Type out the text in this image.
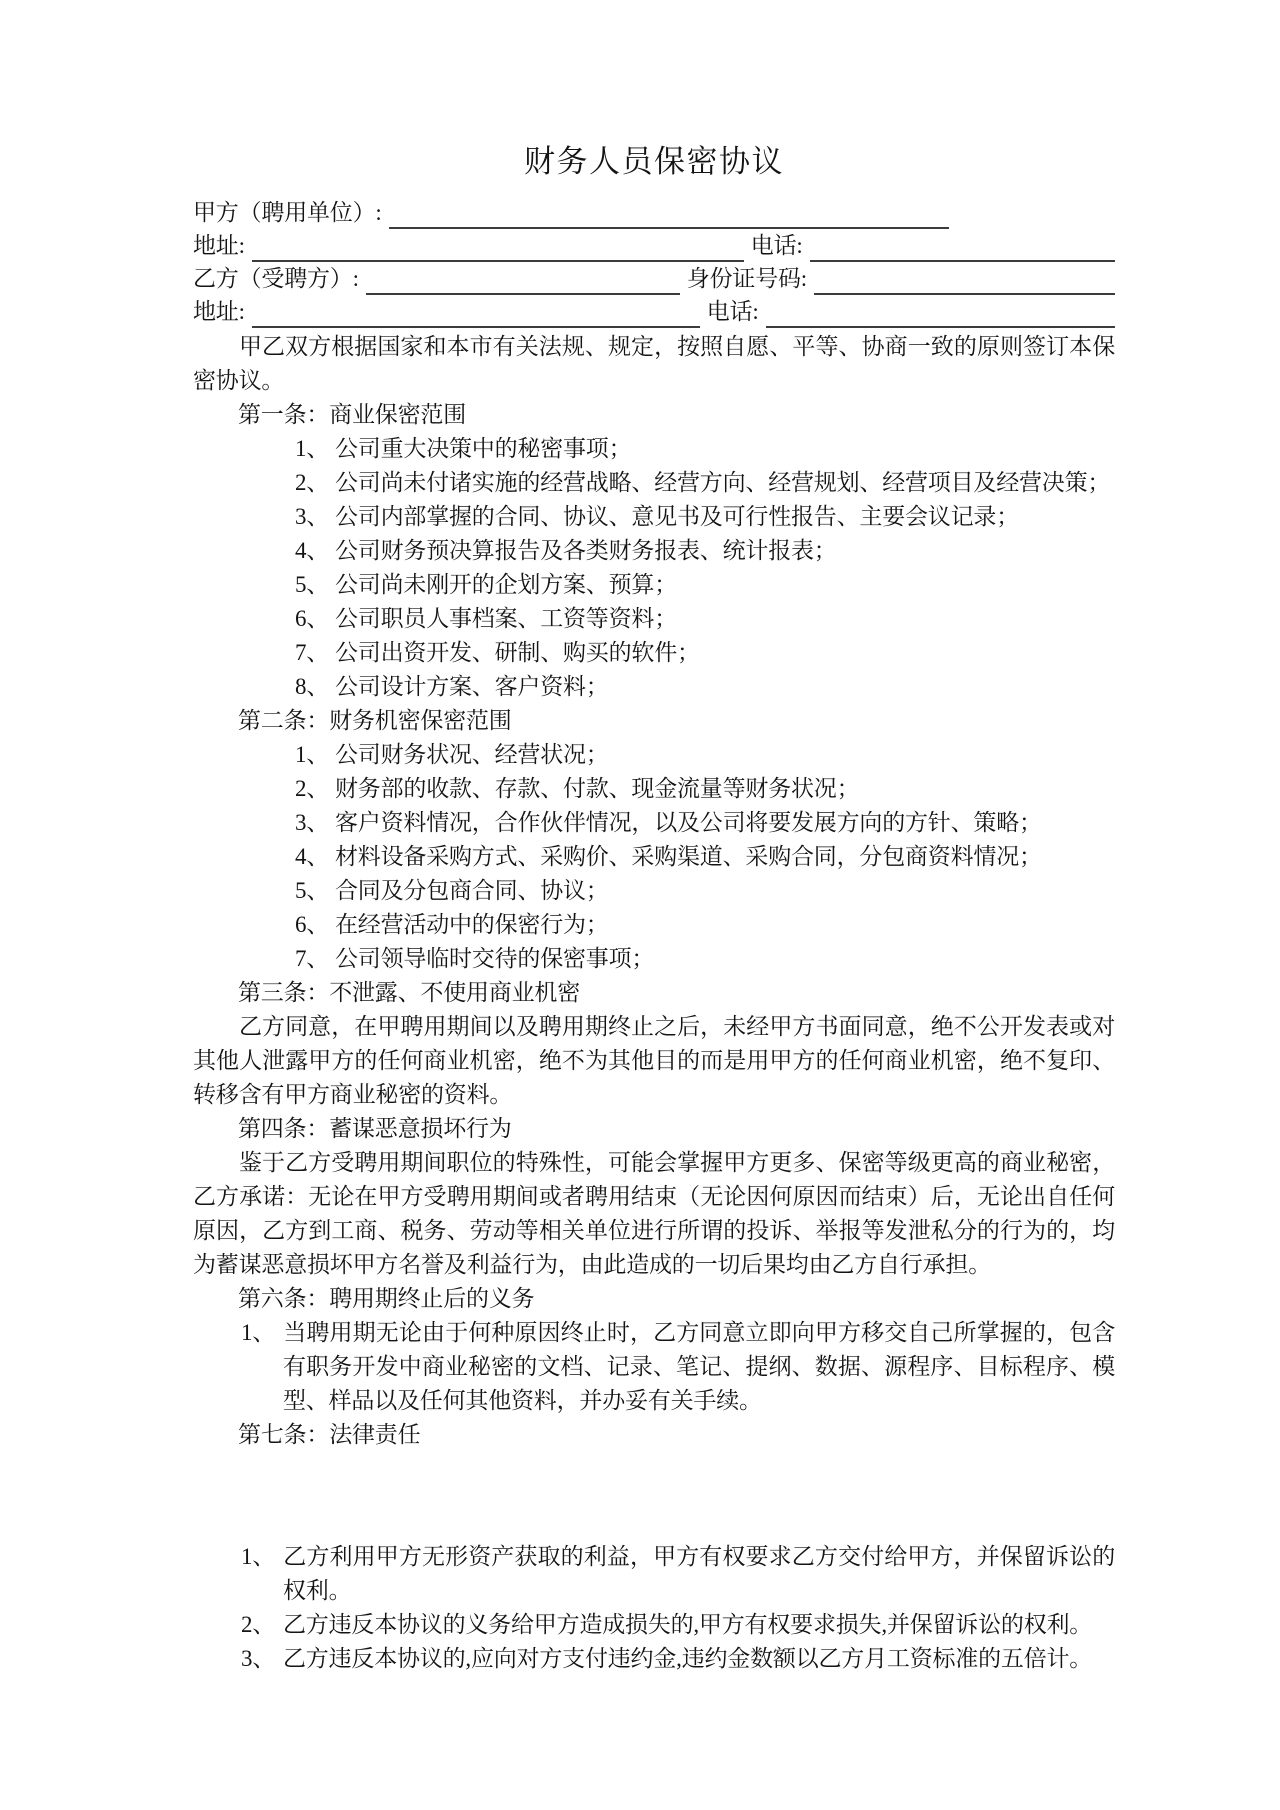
财务人员保密协议
甲方（聘用单位）:
地址:	电话:
乙方（受聘方）:	身份证号码:
地址:	电话:
甲乙双方根据国家和本市有关法规、规定，按照自愿、平等、协商一致的原则签订本保密协议。
第一条：商业保密范围
1、 公司重大决策中的秘密事项；
2、 公司尚未付诸实施的经营战略、经营方向、经营规划、经营项目及经营决策；
3、 公司内部掌握的合同、协议、意见书及可行性报告、主要会议记录；
4、 公司财务预决算报告及各类财务报表、统计报表；
5、 公司尚未刚开的企划方案、预算；
6、 公司职员人事档案、工资等资料；
7、 公司出资开发、研制、购买的软件；
8、 公司设计方案、客户资料；
第二条：财务机密保密范围
1、 公司财务状况、经营状况；
2、 财务部的收款、存款、付款、现金流量等财务状况；
3、 客户资料情况，合作伙伴情况，以及公司将要发展方向的方针、策略；
4、 材料设备采购方式、采购价、采购渠道、采购合同，分包商资料情况；
5、 合同及分包商合同、协议；
6、 在经营活动中的保密行为；
7、 公司领导临时交待的保密事项；
第三条：不泄露、不使用商业机密
乙方同意，在甲聘用期间以及聘用期终止之后，未经甲方书面同意，绝不公开发表或对其他人泄露甲方的任何商业机密，绝不为其他目的而是用甲方的任何商业机密，绝不复印、转移含有甲方商业秘密的资料。
第四条：蓄谋恶意损坏行为
鉴于乙方受聘用期间职位的特殊性，可能会掌握甲方更多、保密等级更高的商业秘密，乙方承诺：无论在甲方受聘用期间或者聘用结束（无论因何原因而结束）后，无论出自任何原因，乙方到工商、税务、劳动等相关单位进行所谓的投诉、举报等发泄私分的行为的，均为蓄谋恶意损坏甲方名誉及利益行为，由此造成的一切后果均由乙方自行承担。
第六条：聘用期终止后的义务
1、 当聘用期无论由于何种原因终止时，乙方同意立即向甲方移交自己所掌握的，包含有职务开发中商业秘密的文档、记录、笔记、提纲、数据、源程序、目标程序、模型、样品以及任何其他资料，并办妥有关手续。
第七条：法律责任
1、 乙方利用甲方无形资产获取的利益，甲方有权要求乙方交付给甲方，并保留诉讼的权利。
2、 乙方违反本协议的义务给甲方造成损失的,甲方有权要求损失,并保留诉讼的权利。
3、 乙方违反本协议的,应向对方支付违约金,违约金数额以乙方月工资标准的五倍计。
